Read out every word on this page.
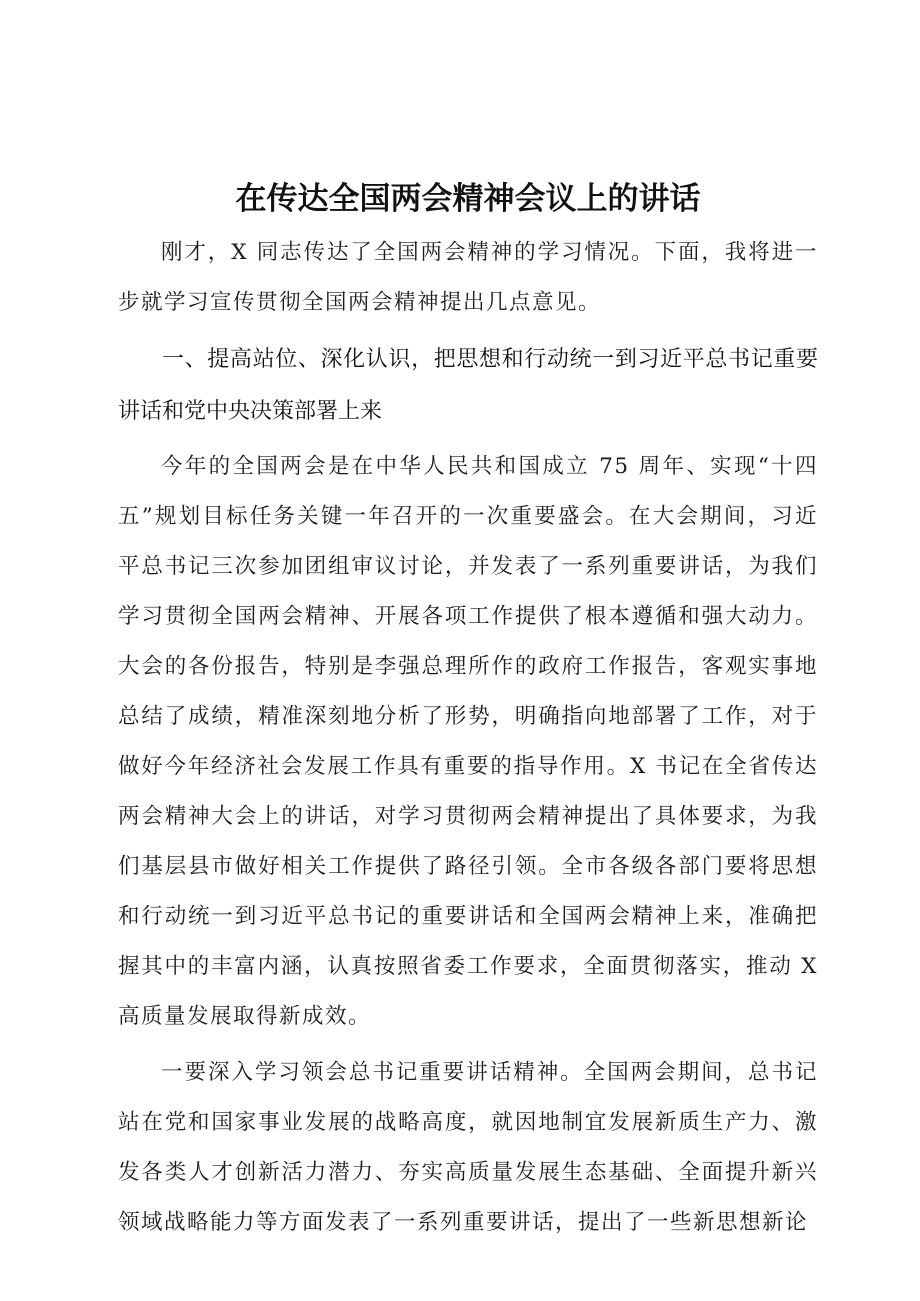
在传达全国两会精神会议上的讲话

刚才，X 同志传达了全国两会精神的学习情况。下面，我将进一步就学习宣传贯彻全国两会精神提出几点意见。

一、提高站位、深化认识，把思想和行动统一到习近平总书记重要讲话和党中央决策部署上来

今年的全国两会是在中华人民共和国成立 75 周年、实现“十四五”规划目标任务关键一年召开的一次重要盛会。在大会期间，习近平总书记三次参加团组审议讨论，并发表了一系列重要讲话，为我们学习贯彻全国两会精神、开展各项工作提供了根本遵循和强大动力。大会的各份报告，特别是李强总理所作的政府工作报告，客观实事地总结了成绩，精准深刻地分析了形势，明确指向地部署了工作，对于做好今年经济社会发展工作具有重要的指导作用。X 书记在全省传达两会精神大会上的讲话，对学习贯彻两会精神提出了具体要求，为我们基层县市做好相关工作提供了路径引领。全市各级各部门要将思想和行动统一到习近平总书记的重要讲话和全国两会精神上来，准确把握其中的丰富内涵，认真按照省委工作要求，全面贯彻落实，推动 X 高质量发展取得新成效。

一要深入学习领会总书记重要讲话精神。全国两会期间，总书记站在党和国家事业发展的战略高度，就因地制宜发展新质生产力、激发各类人才创新活力潜力、夯实高质量发展生态基础、全面提升新兴领域战略能力等方面发表了一系列重要讲话，提出了一些新思想新论
